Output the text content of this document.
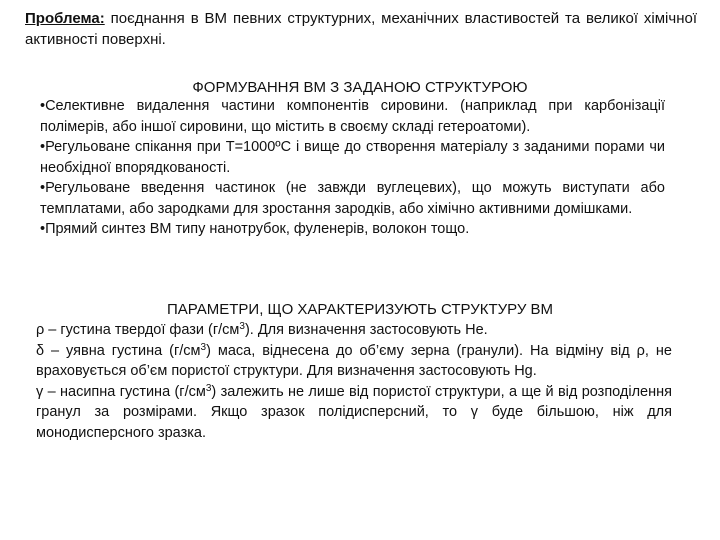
Проблема: поєднання в ВМ певних структурних, механічних властивостей та великої хімічної активності поверхні.
ФОРМУВАННЯ ВМ З ЗАДАНОЮ СТРУКТУРОЮ

•Селективне видалення частини компонентів сировини. (наприклад при карбонізації полімерів, або іншої сировини, що містить в своєму складі гетероатоми).

•Регульоване спікання при Т=1000ºС і вище до створення матеріалу з заданими порами чи необхідної впорядкованості.

•Регульоване введення частинок (не завжди вуглецевих), що можуть виступати або темплатами, або зародками для зростання зародків, або хімічно активними домішками.

•Прямий синтез ВМ типу нанотрубок, фуленерів, волокон тощо.

ПАРАМЕТРИ, ЩО ХАРАКТЕРИЗУЮТЬ СТРУКТУРУ ВМ

ρ – густина твердої фази $(г/см^3)$. Для визначення застосовують He.

δ – уявна густина $(г/см^3)$ маса, віднесена до об’єму зерна (гранули). На відміну від ρ, не враховується об’єм пористої структури. Для визначення застосовують Hg.

γ – насипна густина $(г/см^3)$ залежить не лише від пористої структури, а ще й від розподілення гранул за розмірами. Якщо зразок полідисперсний, то γ буде більшою, ніж для монодисперсного зразка.
